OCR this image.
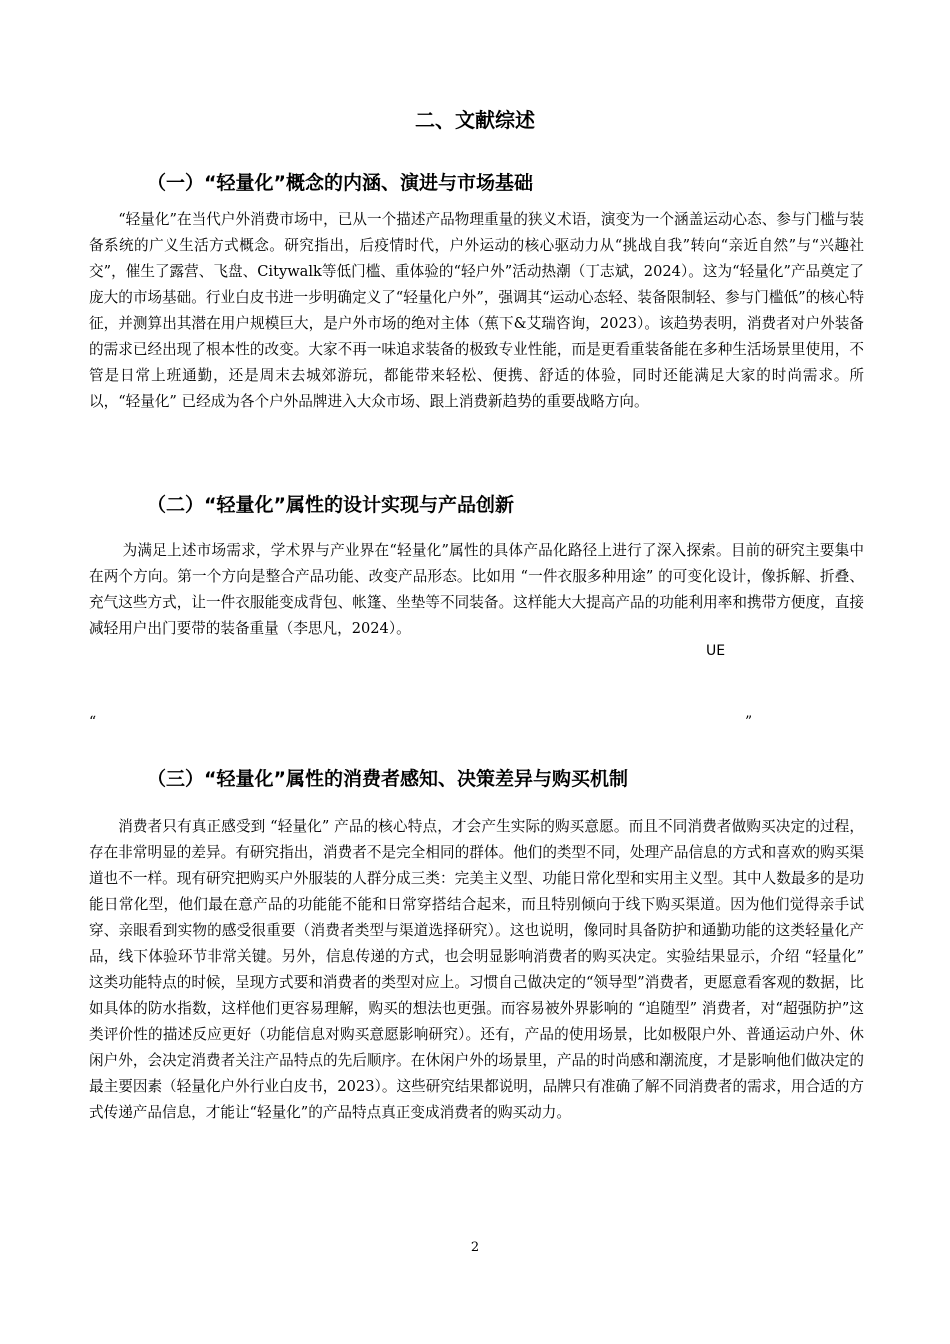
二、文献综述
（一）“轻量化”概念的内涵、演进与市场基础

“轻量化”在当代户外消费市场中，已从一个描述产品物理重量的狭义术语，演变为一个涵盖运动心态、参与门槛与装备系统的广义生活方式概念。研究指出，后疫情时代，户外运动的核心驱动力从“挑战自我”转向“亲近自然”与“兴趣社交”，催生了露营、飞盘、Citywalk等低门槛、重体验的“轻户外”活动热潮（丁志斌，2024）。这为“轻量化”产品奠定了庞大的市场基础。行业白皮书进一步明确定义了“轻量化户外”，强调其“运动心态轻、装备限制轻、参与门槛低”的核心特征，并测算出其潜在用户规模巨大，是户外市场的绝对主体（蕉下&艾瑞咨询，2023）。该趋势表明，消费者对户外装备的需求已经出现了根本性的改变。大家不再一味追求装备的极致专业性能，而是更看重装备能在多种生活场景里使用，不管是日常上班通勤，还是周末去城郊游玩，都能带来轻松、便携、舒适的体验，同时还能满足大家的时尚需求。所以，“轻量化” 已经成为各个户外品牌进入大众市场、跟上消费新趋势的重要战略方向。

（二）“轻量化”属性的设计实现与产品创新

为满足上述市场需求，学术界与产业界在“轻量化”属性的具体产品化路径上进行了深入探索。目前的研究主要集中在两个方向。第一个方向是整合产品功能、改变产品形态。比如用 “一件衣服多种用途” 的可变化设计，像拆解、折叠、充气这些方式，让一件衣服能变成背包、帐篷、坐垫等不同装备。这样能大大提高产品的功能利用率和携带方便度，直接减轻用户出门要带的装备重量（李思凡，2024）。

UE
“	”
（三）“轻量化”属性的消费者感知、决策差异与购买机制

消费者只有真正感受到 “轻量化” 产品的核心特点，才会产生实际的购买意愿。而且不同消费者做购买决定的过程，存在非常明显的差异。有研究指出，消费者不是完全相同的群体。他们的类型不同，处理产品信息的方式和喜欢的购买渠道也不一样。现有研究把购买户外服装的人群分成三类：完美主义型、功能日常化型和实用主义型。其中人数最多的是功能日常化型，他们最在意产品的功能能不能和日常穿搭结合起来，而且特别倾向于线下购买渠道。因为他们觉得亲手试穿、亲眼看到实物的感受很重要（消费者类型与渠道选择研究）。这也说明，像同时具备防护和通勤功能的这类轻量化产品，线下体验环节非常关键。另外，信息传递的方式，也会明显影响消费者的购买决定。实验结果显示，介绍 “轻量化” 这类功能特点的时候，呈现方式要和消费者的类型对应上。习惯自己做决定的“领导型”消费者，更愿意看客观的数据，比如具体的防水指数，这样他们更容易理解，购买的想法也更强。而容易被外界影响的 “追随型” 消费者，对“超强防护”这类评价性的描述反应更好（功能信息对购买意愿影响研究）。还有，产品的使用场景，比如极限户外、普通运动户外、休闲户外，会决定消费者关注产品特点的先后顺序。在休闲户外的场景里，产品的时尚感和潮流度，才是影响他们做决定的最主要因素（轻量化户外行业白皮书，2023）。这些研究结果都说明，品牌只有准确了解不同消费者的需求，用合适的方式传递产品信息，才能让“轻量化”的产品特点真正变成消费者的购买动力。

2
